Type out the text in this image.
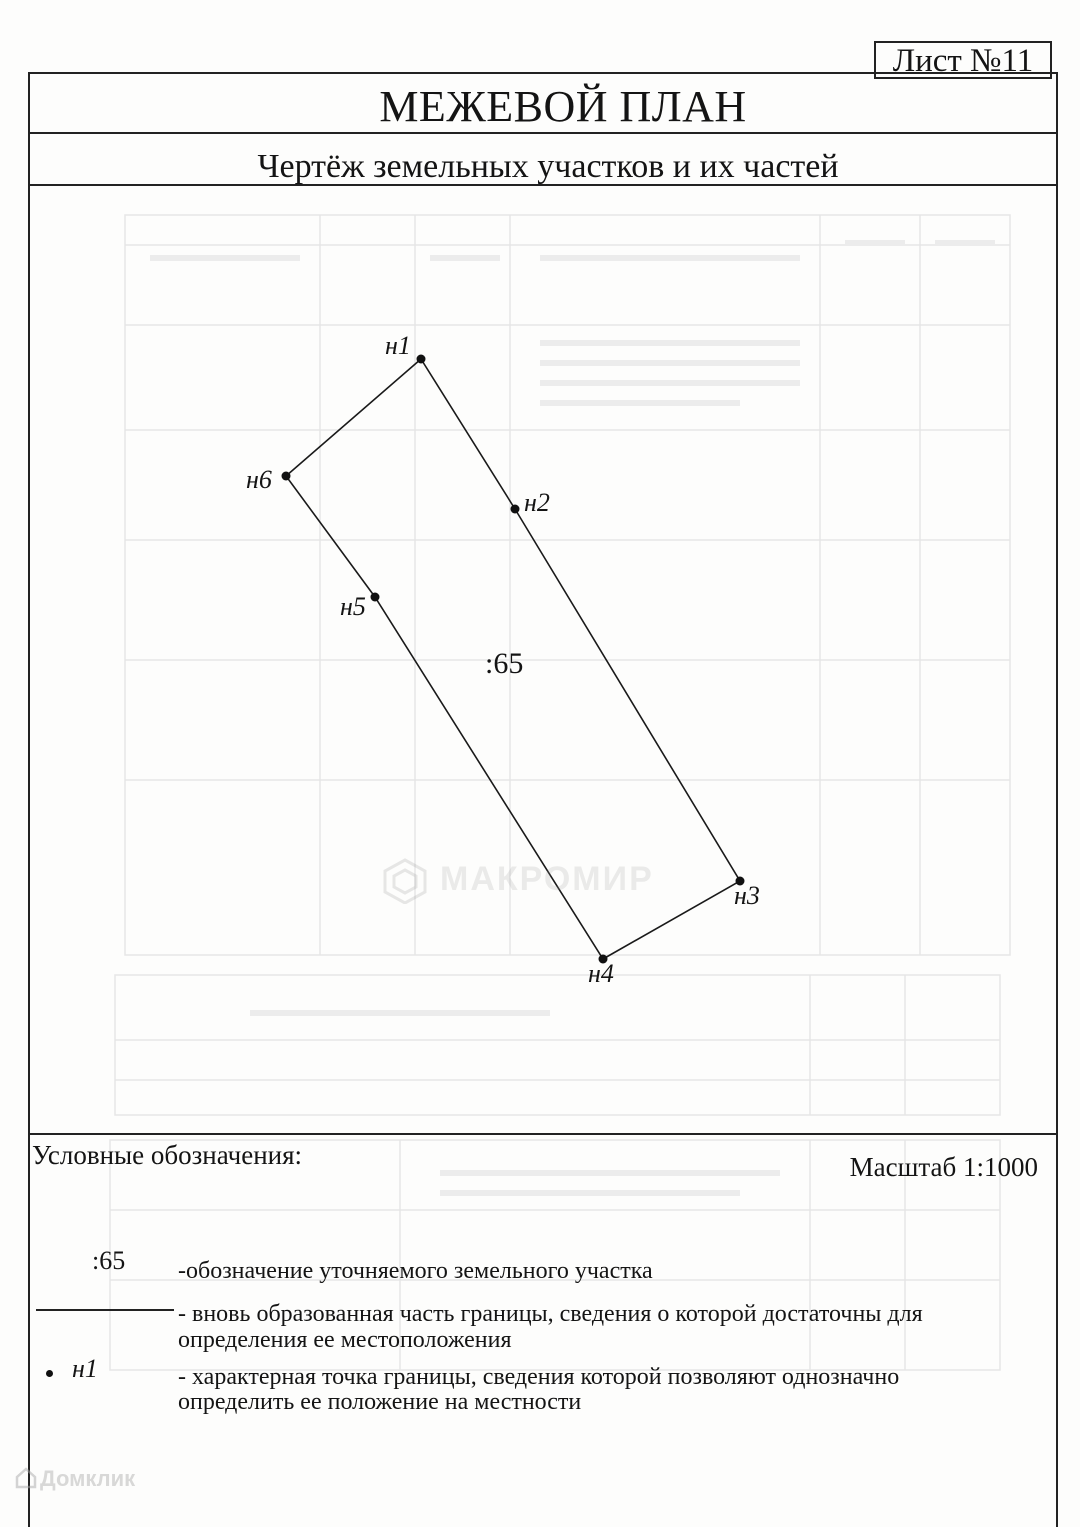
Лист №11
МЕЖЕВОЙ ПЛАН
Чертёж земельных участков и их частей
н1
н2
н3
н4
н5
н6
:65
МАКРОМИР
Условные обозначения:	Масштаб 1:1000
:65 -обозначение уточняемого земельного участка
- вновь образованная часть границы, сведения о которой достаточны для
определения ее местоположения
н1	- характерная точка границы, сведения которой позволяют однозначно
определить ее положение на местности
Домклик
